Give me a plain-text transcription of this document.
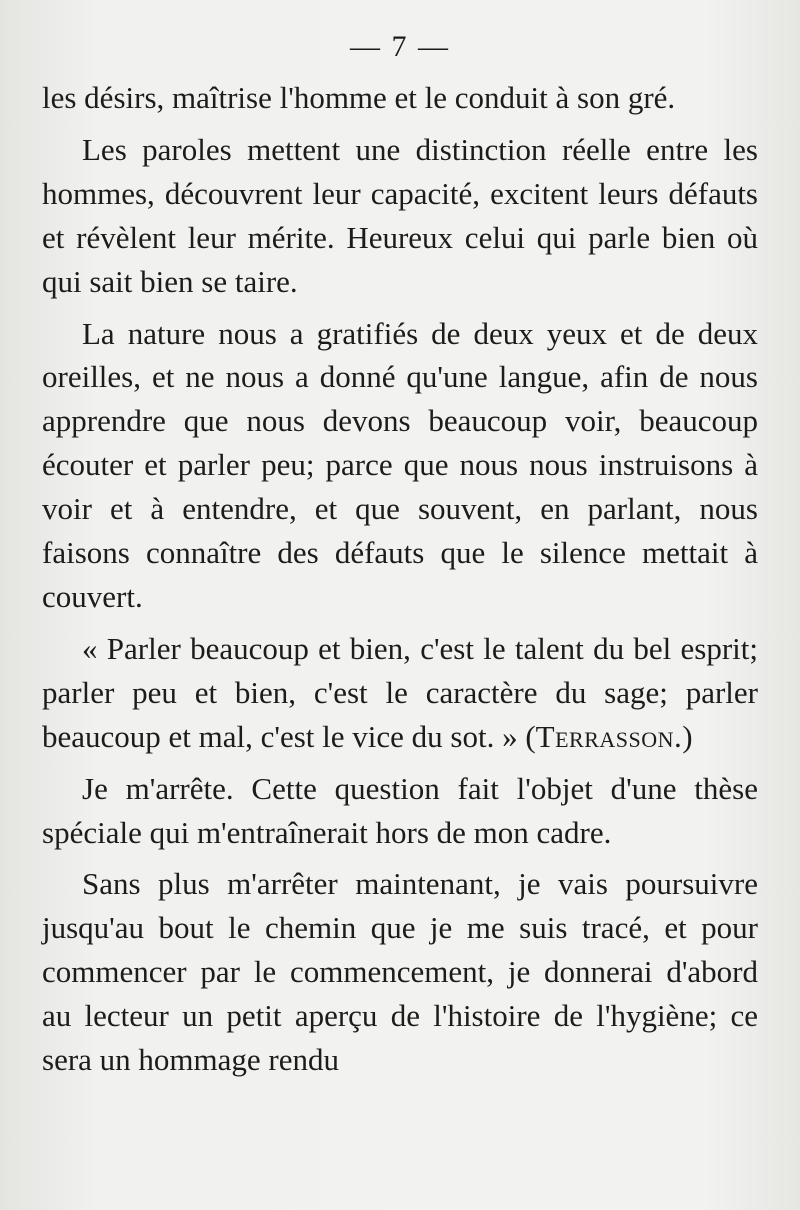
— 7 —

les désirs, maîtrise l'homme et le conduit à son gré.

Les paroles mettent une distinction réelle entre les hommes, découvrent leur capacité, excitent leurs défauts et révèlent leur mérite. Heureux celui qui parle bien où qui sait bien se taire.

La nature nous a gratifiés de deux yeux et de deux oreilles, et ne nous a donné qu'une langue, afin de nous apprendre que nous devons beaucoup voir, beaucoup écouter et parler peu; parce que nous nous instruisons à voir et à entendre, et que souvent, en parlant, nous faisons connaître des défauts que le silence mettait à couvert.

« Parler beaucoup et bien, c'est le talent du bel esprit; parler peu et bien, c'est le caractère du sage; parler beaucoup et mal, c'est le vice du sot. » (Terrasson.)

Je m'arrête. Cette question fait l'objet d'une thèse spéciale qui m'entraînerait hors de mon cadre.

Sans plus m'arrêter maintenant, je vais poursuivre jusqu'au bout le chemin que je me suis tracé, et pour commencer par le commencement, je donnerai d'abord au lecteur un petit aperçu de l'histoire de l'hygiène; ce sera un hommage rendu
